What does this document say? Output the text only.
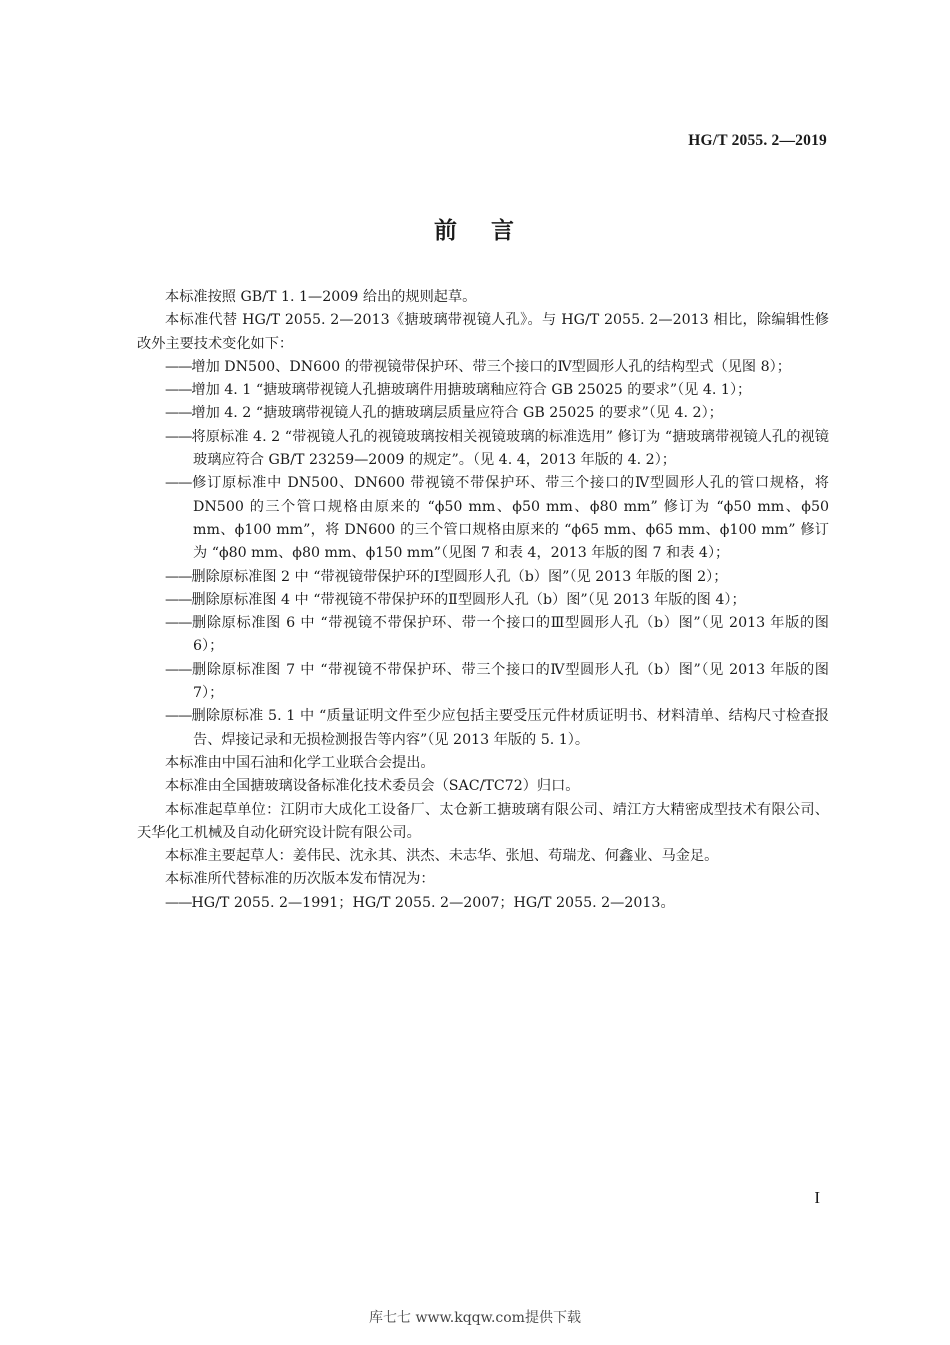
HG/T 2055. 2—2019
前 言

本标准按照 GB/T 1. 1—2009 给出的规则起草。

本标准代替 HG/T 2055. 2—2013《搪玻璃带视镜人孔》。与 HG/T 2055. 2—2013 相比，除编辑性修改外主要技术变化如下：

——增加 DN500、DN600 的带视镜带保护环、带三个接口的Ⅳ型圆形人孔的结构型式（见图 8）；

——增加 4. 1 “搪玻璃带视镜人孔搪玻璃件用搪玻璃釉应符合 GB 25025 的要求”（见 4. 1）；

——增加 4. 2 “搪玻璃带视镜人孔的搪玻璃层质量应符合 GB 25025 的要求”（见 4. 2）；

——将原标准 4. 2 “带视镜人孔的视镜玻璃按相关视镜玻璃的标准选用” 修订为 “搪玻璃带视镜人孔的视镜玻璃应符合 GB/T 23259—2009 的规定”。（见 4. 4，2013 年版的 4. 2）；

——修订原标准中 DN500、DN600 带视镜不带保护环、带三个接口的Ⅳ型圆形人孔的管口规格，将 DN500 的三个管口规格由原来的 “ϕ50 mm、ϕ50 mm、ϕ80 mm” 修订为 “ϕ50 mm、ϕ50 mm、ϕ100 mm”，将 DN600 的三个管口规格由原来的 “ϕ65 mm、ϕ65 mm、ϕ100 mm” 修订为 “ϕ80 mm、ϕ80 mm、ϕ150 mm”（见图 7 和表 4，2013 年版的图 7 和表 4）；

——删除原标准图 2 中 “带视镜带保护环的Ⅰ型圆形人孔（b）图”（见 2013 年版的图 2）；

——删除原标准图 4 中 “带视镜不带保护环的Ⅱ型圆形人孔（b）图”（见 2013 年版的图 4）；

——删除原标准图 6 中 “带视镜不带保护环、带一个接口的Ⅲ型圆形人孔（b）图”（见 2013 年版的图 6）；

——删除原标准图 7 中 “带视镜不带保护环、带三个接口的Ⅳ型圆形人孔（b）图”（见 2013 年版的图 7）；

——删除原标准 5. 1 中 “质量证明文件至少应包括主要受压元件材质证明书、材料清单、结构尺寸检查报告、焊接记录和无损检测报告等内容”（见 2013 年版的 5. 1）。

本标准由中国石油和化学工业联合会提出。

本标准由全国搪玻璃设备标准化技术委员会（SAC/TC72）归口。

本标准起草单位：江阴市大成化工设备厂、太仓新工搪玻璃有限公司、靖江方大精密成型技术有限公司、天华化工机械及自动化研究设计院有限公司。

本标准主要起草人：姜伟民、沈永其、洪杰、未志华、张旭、苟瑞龙、何鑫业、马金足。

本标准所代替标准的历次版本发布情况为：

——HG/T 2055. 2—1991；HG/T 2055. 2—2007；HG/T 2055. 2—2013。

I
库七七 www.kqqw.com提供下载
